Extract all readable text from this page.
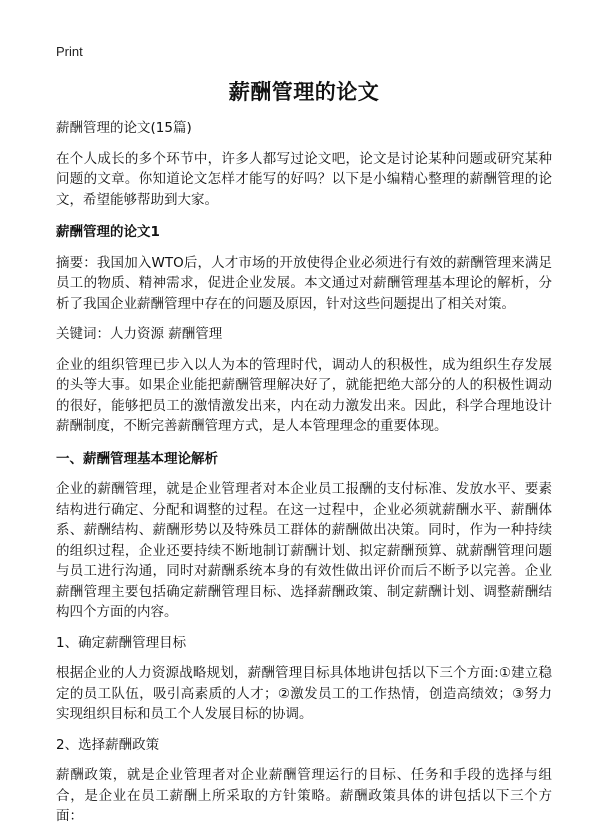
Print
薪酬管理的论文

薪酬管理的论文(15篇)

在个人成长的多个环节中，许多人都写过论文吧，论文是讨论某种问题或研究某种问题的文章。你知道论文怎样才能写的好吗？以下是小编精心整理的薪酬管理的论文，希望能够帮助到大家。

薪酬管理的论文1

摘要：我国加入WTO后，人才市场的开放使得企业必须进行有效的薪酬管理来满足员工的物质、精神需求，促进企业发展。本文通过对薪酬管理基本理论的解析，分析了我国企业薪酬管理中存在的问题及原因，针对这些问题提出了相关对策。

关键词：人力资源 薪酬管理

企业的组织管理已步入以人为本的管理时代，调动人的积极性，成为组织生存发展的头等大事。如果企业能把薪酬管理解决好了，就能把绝大部分的人的积极性调动的很好，能够把员工的激情激发出来，内在动力激发出来。因此，科学合理地设计薪酬制度，不断完善薪酬管理方式，是人本管理理念的重要体现。

一、薪酬管理基本理论解析

企业的薪酬管理，就是企业管理者对本企业员工报酬的支付标准、发放水平、要素结构进行确定、分配和调整的过程。在这一过程中，企业必须就薪酬水平、薪酬体系、薪酬结构、薪酬形势以及特殊员工群体的薪酬做出决策。同时，作为一种持续的组织过程，企业还要持续不断地制订薪酬计划、拟定薪酬预算、就薪酬管理问题与员工进行沟通，同时对薪酬系统本身的有效性做出评价而后不断予以完善。企业薪酬管理主要包括确定薪酬管理目标、选择薪酬政策、制定薪酬计划、调整薪酬结构四个方面的内容。

1、确定薪酬管理目标

根据企业的人力资源战略规划，薪酬管理目标具体地讲包括以下三个方面:①建立稳定的员工队伍，吸引高素质的人才；②激发员工的工作热情，创造高绩效；③努力实现组织目标和员工个人发展目标的协调。

2、选择薪酬政策

薪酬政策，就是企业管理者对企业薪酬管理运行的目标、任务和手段的选择与组合，是企业在员工薪酬上所采取的方针策略。薪酬政策具体的讲包括以下三个方面：
